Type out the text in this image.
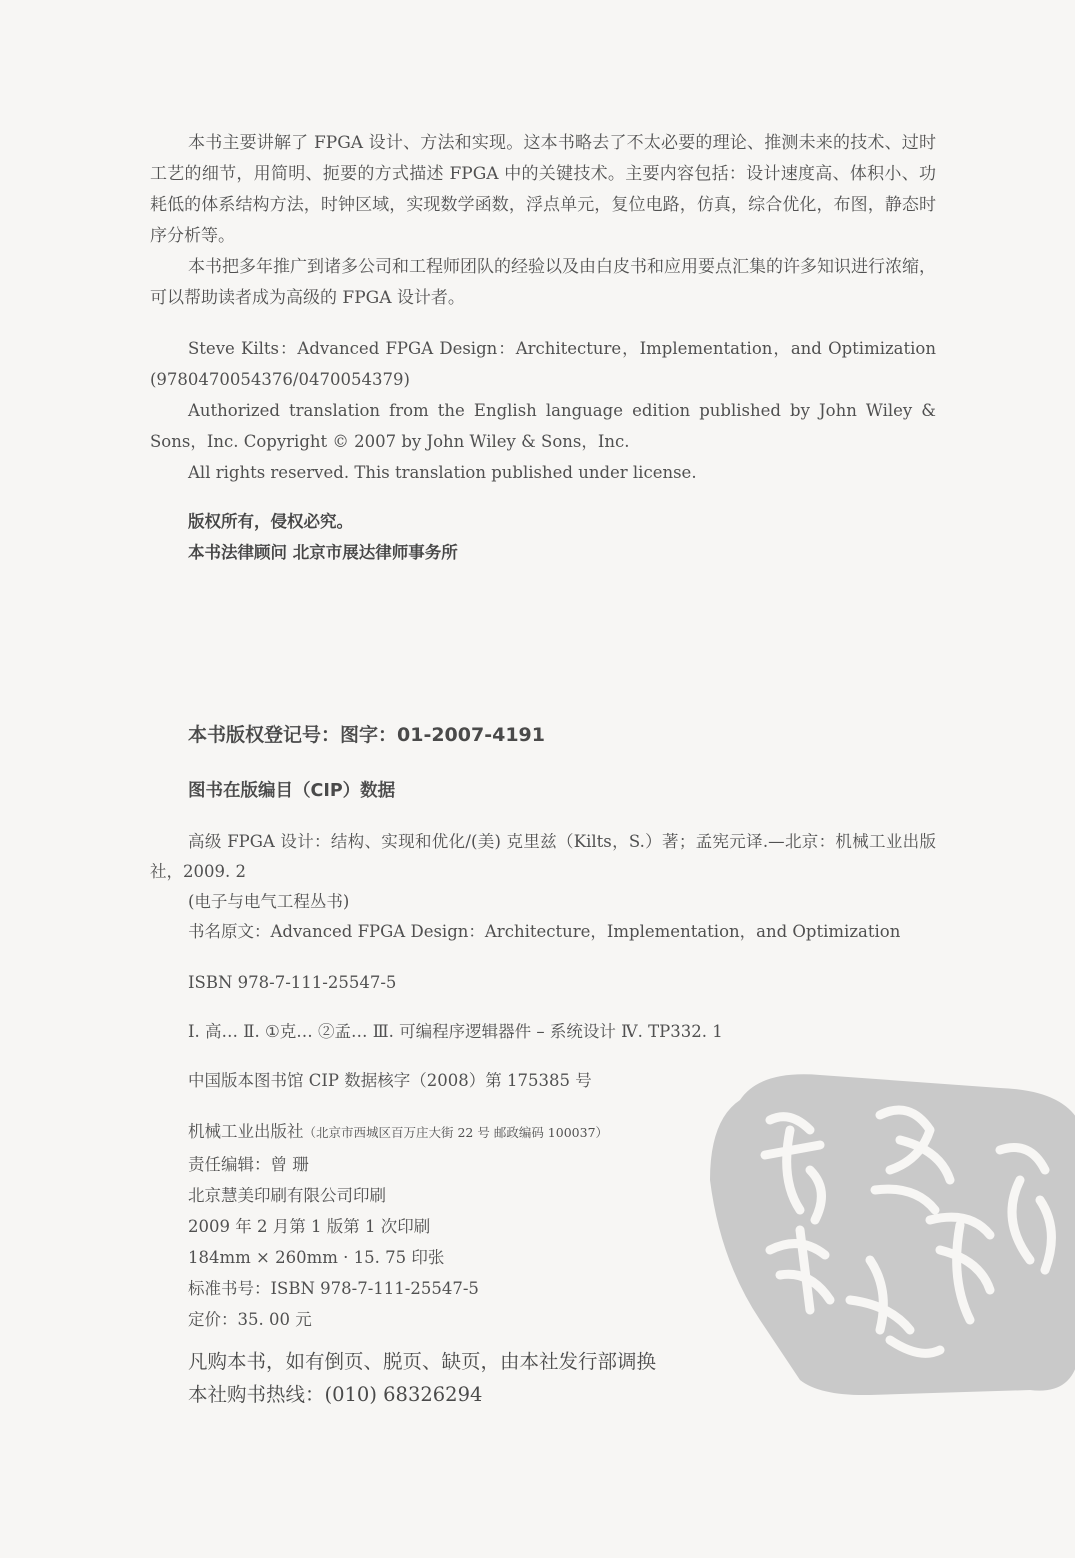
本书主要讲解了 FPGA 设计、方法和实现。这本书略去了不太必要的理论、推测未来的技术、过时工艺的细节，用简明、扼要的方式描述 FPGA 中的关键技术。主要内容包括：设计速度高、体积小、功耗低的体系结构方法，时钟区域，实现数学函数，浮点单元，复位电路，仿真，综合优化，布图，静态时序分析等。

本书把多年推广到诸多公司和工程师团队的经验以及由白皮书和应用要点汇集的许多知识进行浓缩，可以帮助读者成为高级的 FPGA 设计者。

Steve Kilts：Advanced FPGA Design：Architecture，Implementation，and Optimization (9780470054376/0470054379)

Authorized translation from the English language edition published by John Wiley & Sons，Inc. Copyright © 2007 by John Wiley & Sons，Inc.

All rights reserved. This translation published under license.

版权所有，侵权必究。
本书法律顾问 北京市展达律师事务所
本书版权登记号：图字：01-2007-4191
图书在版编目（CIP）数据

高级 FPGA 设计：结构、实现和优化/(美) 克里兹（Kilts，S.）著；孟宪元译.—北京：机械工业出版社，2009. 2

(电子与电气工程丛书)

书名原文：Advanced FPGA Design：Architecture，Implementation，and Optimization

ISBN 978-7-111-25547-5
Ⅰ. 高… Ⅱ. ①克… ②孟… Ⅲ. 可编程序逻辑器件 – 系统设计 Ⅳ. TP332. 1
中国版本图书馆 CIP 数据核字（2008）第 175385 号
机械工业出版社（北京市西城区百万庄大街 22 号 邮政编码 100037）
责任编辑：曾 珊
北京慧美印刷有限公司印刷
2009 年 2 月第 1 版第 1 次印刷
184mm × 260mm · 15. 75 印张
标准书号：ISBN 978-7-111-25547-5
定价：35. 00 元
凡购本书，如有倒页、脱页、缺页，由本社发行部调换
本社购书热线：(010) 68326294
